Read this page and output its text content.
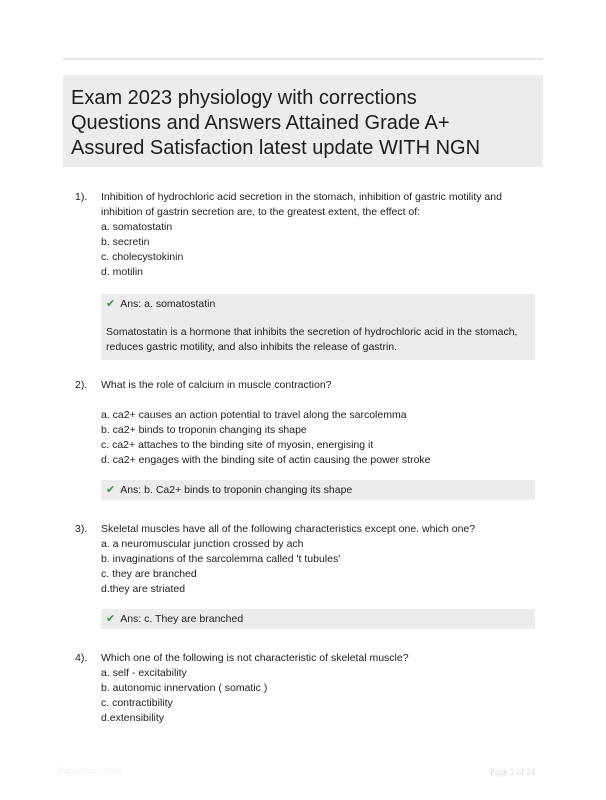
Exam 2023 physiology with corrections
Questions and Answers Attained Grade A+
Assured Satisfaction latest update WITH NGN
1). Inhibition of hydrochloric acid secretion in the stomach, inhibition of gastric motility and
inhibition of gastrin secretion are, to the greatest extent, the effect of:
a. somatostatin
b. secretin
c. cholecystokinin
d. motilin
✔ Ans: a. somatostatin
Somatostatin is a hormone that inhibits the secretion of hydrochloric acid in the stomach, reduces gastric motility, and also inhibits the release of gastrin.
2). What is the role of calcium in muscle contraction?
a. ca2+ causes an action potential to travel along the sarcolemma
b. ca2+ binds to troponin changing its shape
c. ca2+ attaches to the binding site of myosin, energising it
d. ca2+ engages with the binding site of actin causing the power stroke
✔ Ans: b. Ca2+ binds to troponin changing its shape
3). Skeletal muscles have all of the following characteristics except one. which one?
a. a neuromuscular junction crossed by ach
b. invaginations of the sarcolemma called 't tubules'
c. they are branched
d.they are striated
✔ Ans: c. They are branched
4). Which one of the following is not characteristic of skeletal muscle?
a. self - excitability
b. autonomic innervation ( somatic )
c. contractibility
d.extensibility
Paper9ubc.com	Page 1 of 24
